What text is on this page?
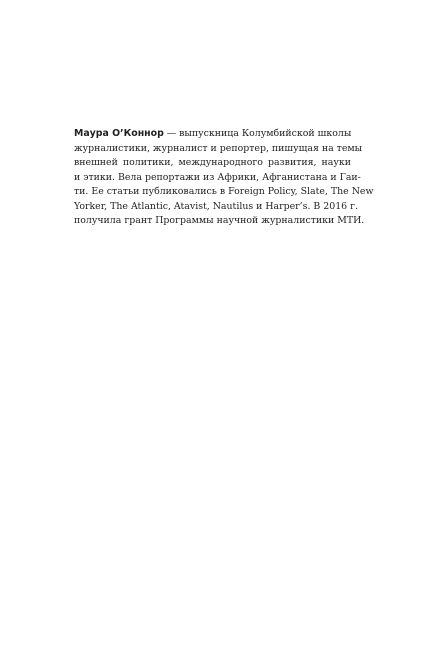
Маура О’Коннор — выпускница Колумбийской школы
журналистики, журналист и репортер, пишущая на темы
внешней политики, международного развития, науки
и этики. Вела репортажи из Африки, Афганистана и Гаи-
ти. Ее статьи публиковались в Foreign Policy, Slate, The New
Yorker, The Atlantic, Atavist, Nautilus и Harper’s. В 2016 г.
получила грант Программы научной журналистики МТИ.
